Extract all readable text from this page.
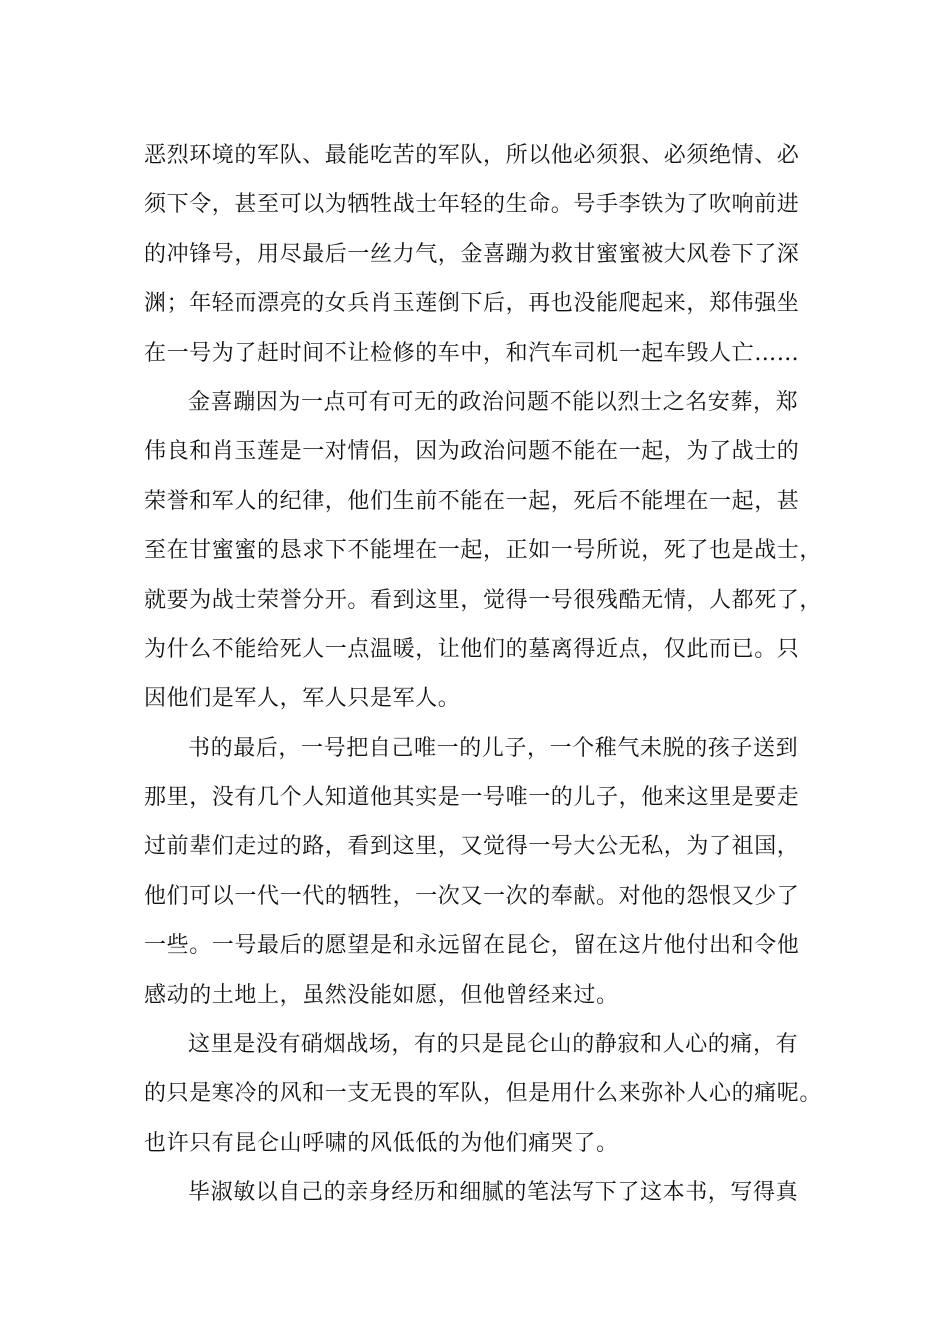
恶烈环境的军队、最能吃苦的军队，所以他必须狠、必须绝情、必
须下令，甚至可以为牺牲战士年轻的生命。号手李铁为了吹响前进
的冲锋号，用尽最后一丝力气，金喜蹦为救甘蜜蜜被大风卷下了深
渊；年轻而漂亮的女兵肖玉莲倒下后，再也没能爬起来，郑伟强坐
在一号为了赶时间不让检修的车中，和汽车司机一起车毁人亡……
金喜蹦因为一点可有可无的政治问题不能以烈士之名安葬，郑
伟良和肖玉莲是一对情侣，因为政治问题不能在一起，为了战士的
荣誉和军人的纪律，他们生前不能在一起，死后不能埋在一起，甚
至在甘蜜蜜的恳求下不能埋在一起，正如一号所说，死了也是战士，
就要为战士荣誉分开。看到这里，觉得一号很残酷无情，人都死了，
为什么不能给死人一点温暖，让他们的墓离得近点，仅此而已。只
因他们是军人，军人只是军人。
书的最后，一号把自己唯一的儿子，一个稚气未脱的孩子送到
那里，没有几个人知道他其实是一号唯一的儿子，他来这里是要走
过前辈们走过的路，看到这里，又觉得一号大公无私，为了祖国，
他们可以一代一代的牺牲，一次又一次的奉献。对他的怨恨又少了
一些。一号最后的愿望是和永远留在昆仑，留在这片他付出和令他
感动的土地上，虽然没能如愿，但他曾经来过。
这里是没有硝烟战场，有的只是昆仑山的静寂和人心的痛，有
的只是寒冷的风和一支无畏的军队，但是用什么来弥补人心的痛呢。
也许只有昆仑山呼啸的风低低的为他们痛哭了。
毕淑敏以自己的亲身经历和细腻的笔法写下了这本书，写得真
